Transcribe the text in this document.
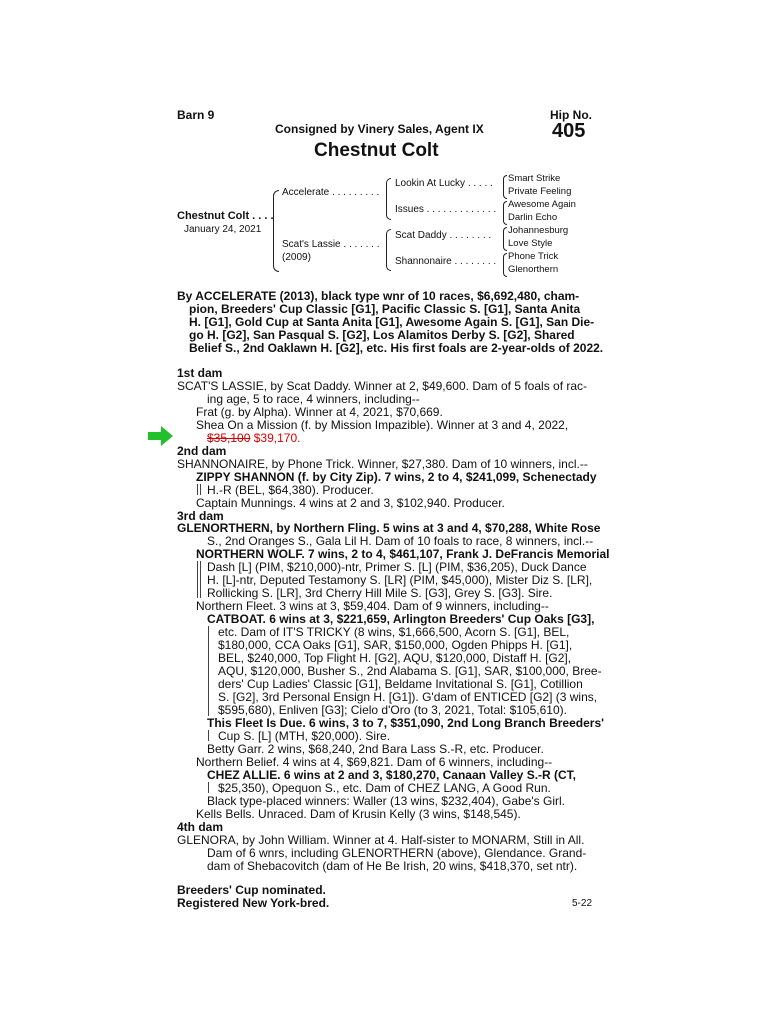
Barn 9	Hip No.
405
Consigned by Vinery Sales, Agent IX
Chestnut Colt
Chestnut Colt . . . .
January 24, 2021
Accelerate . . . . . . . . .
Scat's Lassie . . . . . . .
(2009)
Lookin At Lucky . . . . .
Issues . . . . . . . . . . . . .
Scat Daddy . . . . . . . .
Shannonaire . . . . . . . .
Smart Strike
Private Feeling
Awesome Again
Darlin Echo
Johannesburg
Love Style
Phone Trick
Glenorthern
By ACCELERATE (2013), black type wnr of 10 races, $6,692,480, cham-
pion, Breeders' Cup Classic [G1], Pacific Classic S. [G1], Santa Anita
H. [G1], Gold Cup at Santa Anita [G1], Awesome Again S. [G1], San Die-
go H. [G2], San Pasqual S. [G2], Los Alamitos Derby S. [G2], Shared
Belief S., 2nd Oaklawn H. [G2], etc. His first foals are 2-year-olds of 2022.
1st dam
SCAT'S LASSIE, by Scat Daddy. Winner at 2, $49,600. Dam of 5 foals of rac-
ing age, 5 to race, 4 winners, including--
Frat (g. by Alpha). Winner at 4, 2021, $70,669.
Shea On a Mission (f. by Mission Impazible). Winner at 3 and 4, 2022,
$35,100 $39,170.
2nd dam
SHANNONAIRE, by Phone Trick. Winner, $27,380. Dam of 10 winners, incl.--
ZIPPY SHANNON (f. by City Zip). 7 wins, 2 to 4, $241,099, Schenectady
H.-R (BEL, $64,380). Producer.
Captain Munnings. 4 wins at 2 and 3, $102,940. Producer.
3rd dam
GLENORTHERN, by Northern Fling. 5 wins at 3 and 4, $70,288, White Rose
S., 2nd Oranges S., Gala Lil H. Dam of 10 foals to race, 8 winners, incl.--
NORTHERN WOLF. 7 wins, 2 to 4, $461,107, Frank J. DeFrancis Memorial
Dash [L] (PIM, $210,000)-ntr, Primer S. [L] (PIM, $36,205), Duck Dance
H. [L]-ntr, Deputed Testamony S. [LR] (PIM, $45,000), Mister Diz S. [LR],
Rollicking S. [LR], 3rd Cherry Hill Mile S. [G3], Grey S. [G3]. Sire.
Northern Fleet. 3 wins at 3, $59,404. Dam of 9 winners, including--
CATBOAT. 6 wins at 3, $221,659, Arlington Breeders' Cup Oaks [G3],
etc. Dam of IT'S TRICKY (8 wins, $1,666,500, Acorn S. [G1], BEL,
$180,000, CCA Oaks [G1], SAR, $150,000, Ogden Phipps H. [G1],
BEL, $240,000, Top Flight H. [G2], AQU, $120,000, Distaff H. [G2],
AQU, $120,000, Busher S., 2nd Alabama S. [G1], SAR, $100,000, Bree-
ders' Cup Ladies' Classic [G1], Beldame Invitational S. [G1], Cotillion
S. [G2], 3rd Personal Ensign H. [G1]). G'dam of ENTICED [G2] (3 wins,
$595,680), Enliven [G3]; Cielo d'Oro (to 3, 2021, Total: $105,610).
This Fleet Is Due. 6 wins, 3 to 7, $351,090, 2nd Long Branch Breeders'
Cup S. [L] (MTH, $20,000). Sire.
Betty Garr. 2 wins, $68,240, 2nd Bara Lass S.-R, etc. Producer.
Northern Belief. 4 wins at 4, $69,821. Dam of 6 winners, including--
CHEZ ALLIE. 6 wins at 2 and 3, $180,270, Canaan Valley S.-R (CT,
$25,350), Opequon S., etc. Dam of CHEZ LANG, A Good Run.
Black type-placed winners: Waller (13 wins, $232,404), Gabe's Girl.
Kells Bells. Unraced. Dam of Krusin Kelly (3 wins, $148,545).
4th dam
GLENORA, by John William. Winner at 4. Half-sister to MONARM, Still in All.
Dam of 6 wnrs, including GLENORTHERN (above), Glendance. Grand-
dam of Shebacovitch (dam of He Be Irish, 20 wins, $418,370, set ntr).
Breeders' Cup nominated.
Registered New York-bred.	5-22
